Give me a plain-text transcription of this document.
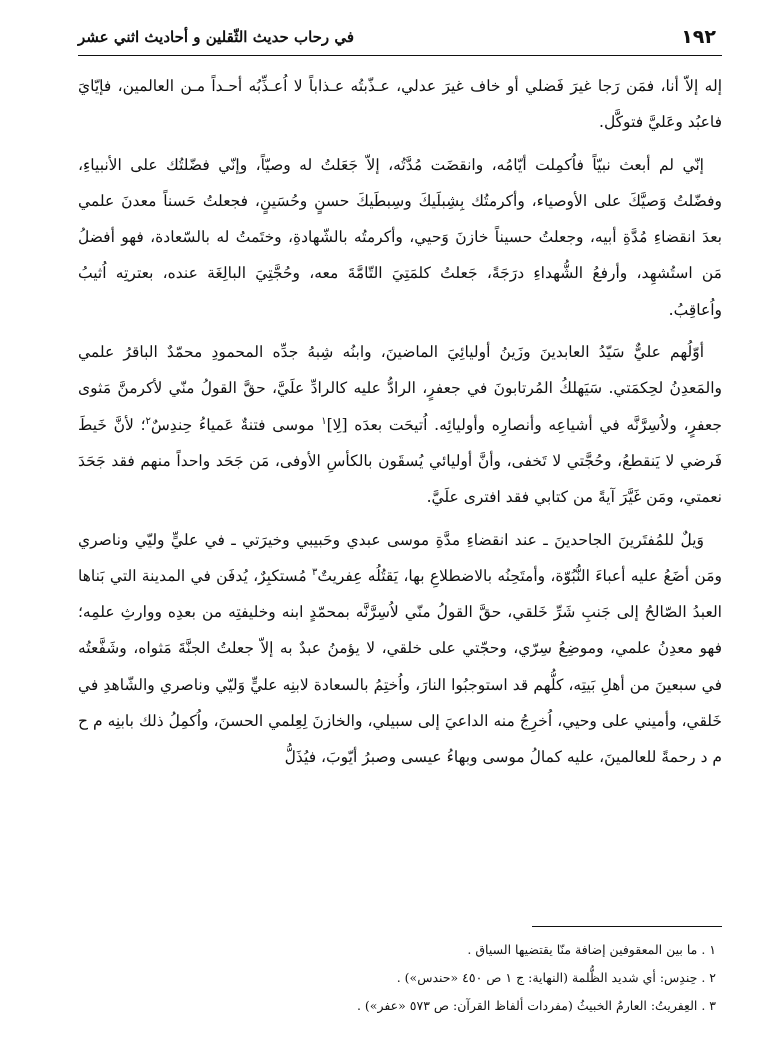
١٩٢
في رحاب حديث الثّقلين و أحاديث اثني عشر

إله إلاّ أنا، فمَن رَجا غيرَ فَضلي أو خاف غيرَ عدلي، عـذّبتُه عـذاباً لا اُعـذِّبُه أحـداً مـن العالمين، فإيّايَ فاعبُد وعَليَّ فتوكَّل.

إنّي لم أبعث نبيّاً فاُكمِلت أيّامُه، وانقضَت مُدَّتُه، إلاّ جَعَلتُ له وصيّاً، وإنّي فضّلتُك على الأنبياءِ، وفضّلتُ وَصيَّكَ على الأوصياء، وأكرمتُك بِشِبلَيكَ وسِبطَيكَ حسنٍ وحُسَينٍ، فجعلتُ حَسناً معدنَ علمي بعدَ انقضاءِ مُدَّةِ أبيه، وجعلتُ حسيناً خازنَ وَحيي، وأكرمتُه بالشّهادةِ، وختَمتُ له بالسّعادة، فهو أفضلُ مَن استُشهِد، وأرفعُ الشُّهداءِ درَجَةً، جَعلتُ كلمَتِيَ التّامَّةَ معه، وحُجَّتِيَ البالِغَة عنده، بعترتِه اُثيبُ واُعاقِبُ.

أوّلُهم عليٌّ سَيّدُ العابدينَ وزَينُ أوليائِيَ الماضينَ، وابنُه شِبهُ جدِّه المحمودِ محمّدٌ الباقرُ علمي والمَعدِنُ لحِكمَتي. سَيَهلكُ المُرتابونَ في جعفرٍ، الرادُّ عليه كالرادِّ علَيَّ، حقَّ القولُ منّي لأكرمنَّ مَثوى جعفرٍ، ولاُسِرَّنَّه في أشياعِه وأنصارِه وأوليائِه. اُتيحَت بعدَه [لِا]$^١$ موسى فتنةٌ عَمياءُ حِندِسٌ$^٢$؛ لأنَّ خَيطَ فَرضي لا يَنقطعُ، وحُجَّتي لا تَخفى، وأنَّ أوليائي يُسقَون بالكأسِ الأوفى، مَن جَحَد واحداً منهم فقد جَحَدَ نعمتي، ومَن غَيَّرَ آيةً من كتابي فقد افترى علَيَّ.

وَيلٌ للمُفتَرينَ الجاحدينَ ـ عند انقضاءِ مدَّةِ موسى عبدي وحَبيبي وخيرَتي ـ في عليٍّ وليّي وناصري ومَن أضَعُ عليه أعباءَ النُّبُوّة، وأمتَحِنُه بالاضطلاعِ بها، يَقتُلُه عِفريتٌ$^٣$ مُستكبِرٌ، يُدفَن في المدينة التي بَناها العبدُ الصّالحُ إلى جَنبِ شَرِّ خَلقي، حقَّ القولُ منّي لاُسِرَّنَّه بمحمّدٍ ابنه وخليفتِه من بعدِه ووارثِ علمِه؛ فهو معدِنُ علمي، وموضِعُ سِرّي، وحجّتي على خلقي، لا يؤمنُ عبدٌ به إلاّ جعلتُ الجنَّةَ مَثواه، وشَفَّعتُه في سبعينَ من أهلِ بَيتِه، كلُّهم قد استوجبُوا النارَ، واُختِمُ بالسعادة لابنِه عليٍّ وَليّي وناصري والشّاهدِ في خَلقي، وأميني على وحيي، اُخرِجُ منه الداعيَ إلى سبيلي، والخازنَ لِعِلمي الحسنَ، واُكمِلُ ذلك بابنِه م ح م د رحمةً للعالمينَ، عليه كمالُ موسى وبهاءُ عيسى وصبرُ أيّوبَ، فيُذَلُّ

١ . ما بين المعقوفين إضافة منّا يقتضيها السياق .

٢ . حِندِس: أي شديد الظُّلمة (النهاية: ج ١ ص ٤٥٠ «حندس») .

٣ . العِفريتُ: العارمُ الخبيثُ (مفردات ألفاظ القرآن: ص ٥٧٣ «عفر») .
